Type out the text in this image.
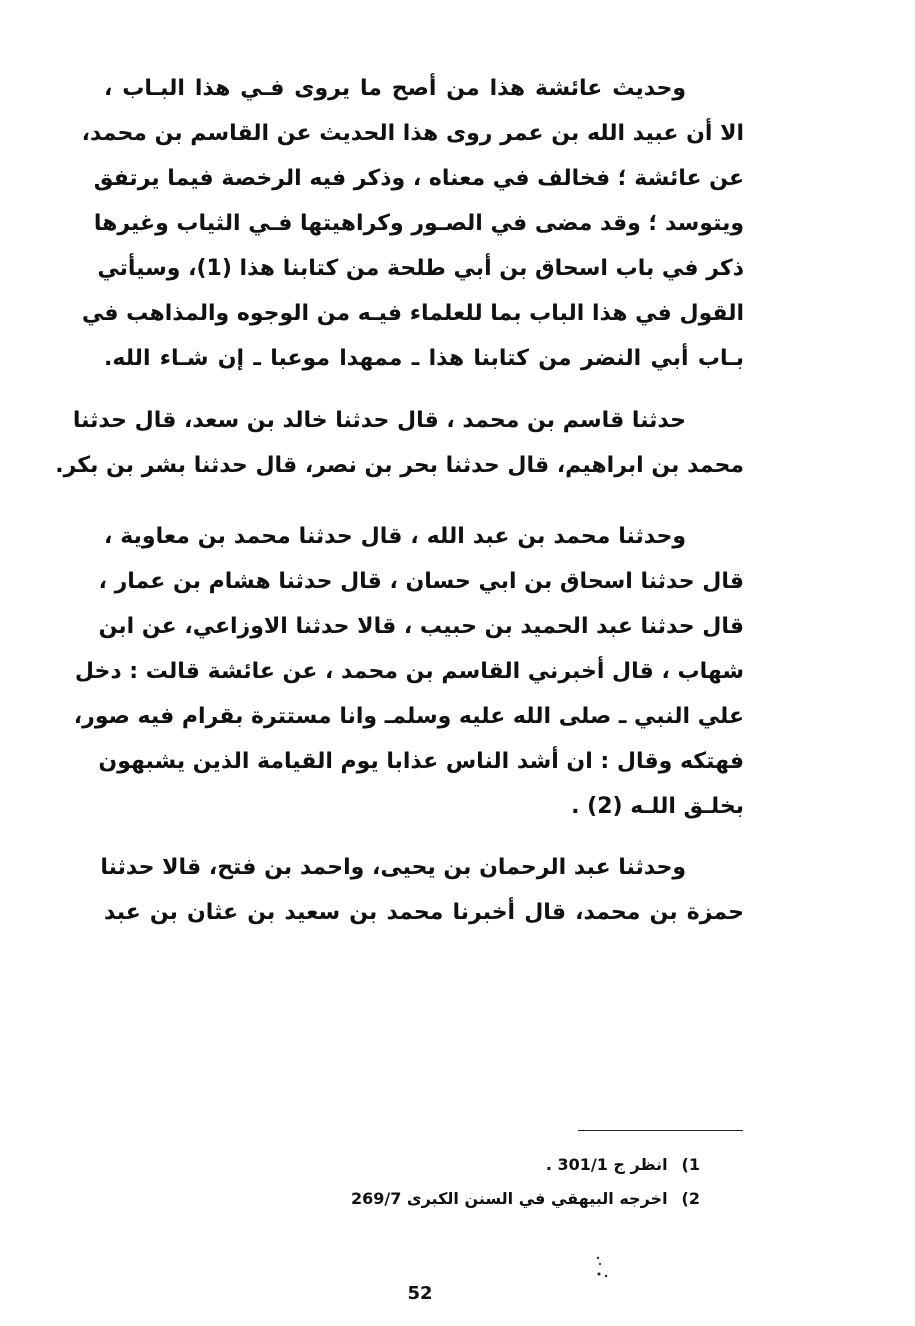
وحديث عائشة هذا من أصح ما يروى فـي هذا البـاب ،
الا أن عبيد الله بن عمر روى هذا الحديث عن القاسم بن محمد،
عن عائشة ؛ فخالف في معناه ، وذكر فيه الرخصة فيما يرتفق
ويتوسد ؛ وقد مضى في الصـور وكراهيتها فـي الثياب وغيرها
ذكر في باب اسحاق بن أبي طلحة من كتابنا هذا (1)، وسيأتي
القول في هذا الباب بما للعلماء فيـه من الوجوه والمذاهب في
بـاب أبي النضر من كتابنا هذا ـ ممهدا موعبا ـ إن شـاء الله.
حدثنا قاسم بن محمد ، قال حدثنا خالد بن سعد، قال حدثنا
محمد بن ابراهيم، قال حدثنا بحر بن نصر، قال حدثنا بشر بن بكر.
وحدثنا محمد بن عبد الله ، قال حدثنا محمد بن معاوية ،
قال حدثنا اسحاق بن ابي حسان ، قال حدثنا هشام بن عمار ،
قال حدثنا عبد الحميد بن حبيب ، قالا حدثنا الاوزاعي، عن ابن
شهاب ، قال أخبرني القاسم بن محمد ، عن عائشة قالت : دخل
علي النبي ـ صلى الله عليه وسلمـ وانا مستترة بقرام فيه صور،
فهتكه وقال : ان أشد الناس عذابا يوم القيامة الذين يشبهون
بخلـق اللـه (2) .
وحدثنا عبد الرحمان بن يحيى، واحمد بن فتح، قالا حدثنا
حمزة بن محمد، قال أخبرنا محمد بن سعيد بن عثان بن عبد
1)انظر ج 301/1 .
2)اخرجه البيهقي في السنن الكبرى 269/7
52
